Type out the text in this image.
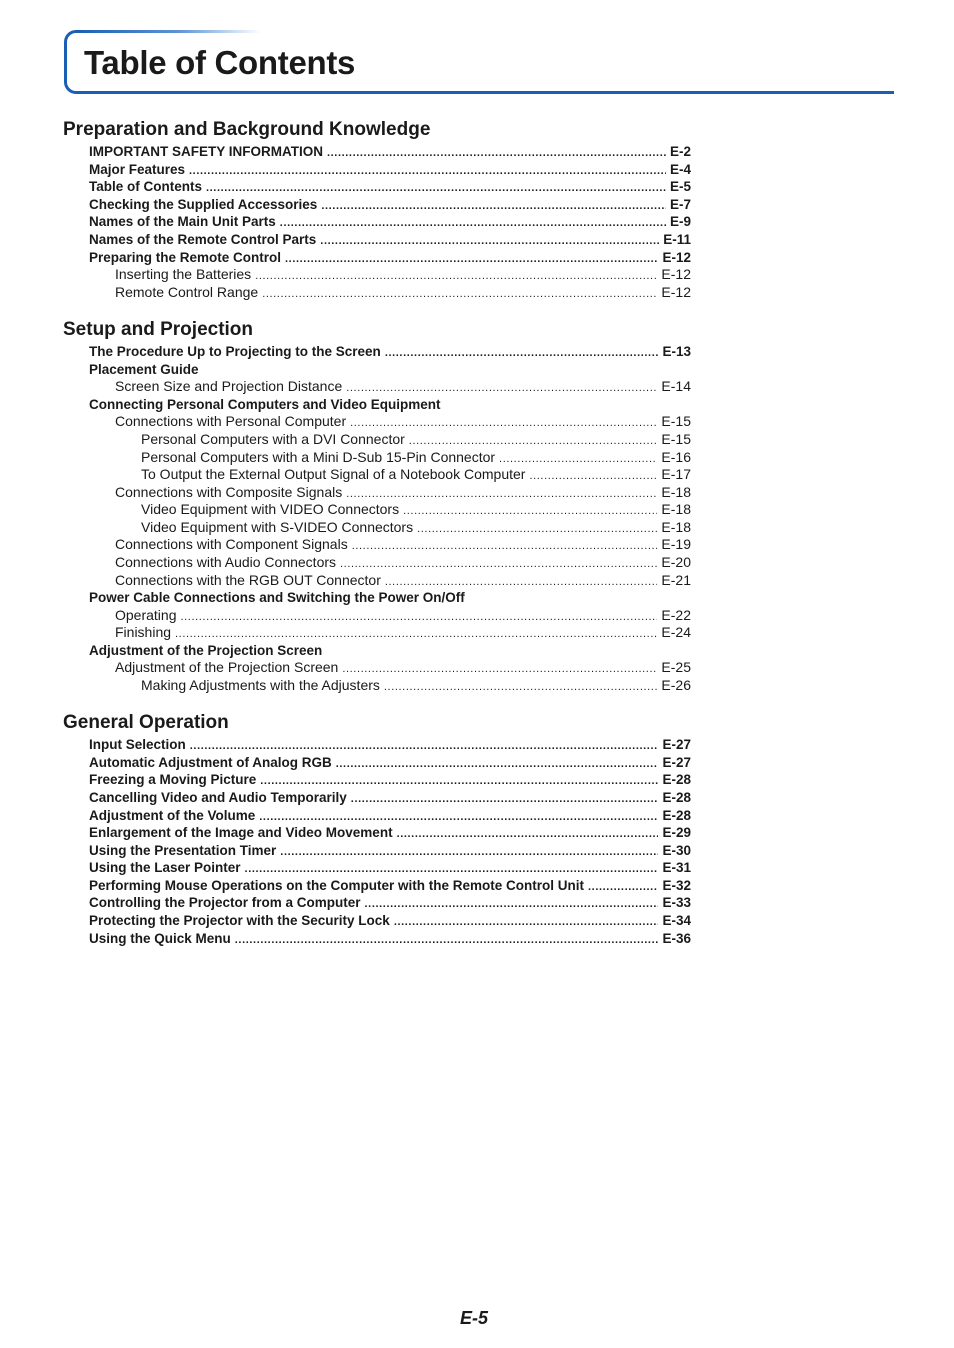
Table of Contents
Preparation and Background Knowledge
IMPORTANT SAFETY INFORMATION .....	E-2
Major Features .....	E-4
Table of Contents .....	E-5
Checking the Supplied Accessories .....	E-7
Names of the Main Unit Parts .....	E-9
Names of the Remote Control Parts .....	E-11
Preparing the Remote Control .....	E-12
Inserting the Batteries .....	E-12
Remote Control Range .....	E-12
Setup and Projection
The Procedure Up to Projecting to the Screen .....	E-13
Placement Guide
Screen Size and Projection Distance .....	E-14
Connecting Personal Computers and Video Equipment
Connections with Personal Computer .....	E-15
Personal Computers with a DVI Connector .....	E-15
Personal Computers with a Mini D-Sub 15-Pin Connector .....	E-16
To Output the External Output Signal of a Notebook Computer .....	E-17
Connections with Composite Signals .....	E-18
Video Equipment with VIDEO Connectors .....	E-18
Video Equipment with S-VIDEO Connectors .....	E-18
Connections with Component Signals .....	E-19
Connections with Audio Connectors .....	E-20
Connections with the RGB OUT Connector .....	E-21
Power Cable Connections and Switching the Power On/Off
Operating .....	E-22
Finishing .....	E-24
Adjustment of the Projection Screen
Adjustment of the Projection Screen .....	E-25
Making Adjustments with the Adjusters .....	E-26
General Operation
Input Selection .....	E-27
Automatic Adjustment of Analog RGB .....	E-27
Freezing a Moving Picture .....	E-28
Cancelling Video and Audio Temporarily .....	E-28
Adjustment of the Volume .....	E-28
Enlargement of the Image and Video Movement .....	E-29
Using the Presentation Timer .....	E-30
Using the Laser Pointer .....	E-31
Performing Mouse Operations on the Computer with the Remote Control Unit .....	E-32
Controlling the Projector from a Computer .....	E-33
Protecting the Projector with the Security Lock .....	E-34
Using the Quick Menu .....	E-36
E-5
